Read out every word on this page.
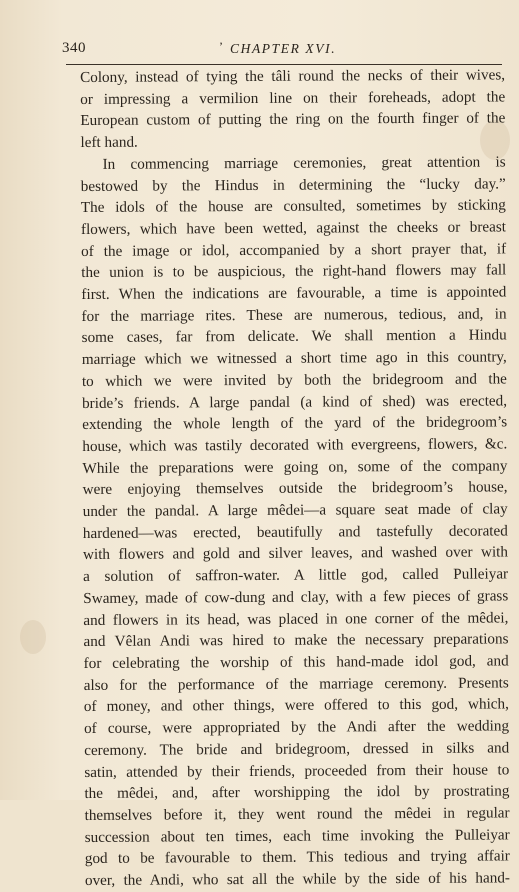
340	’ CHAPTER XVI.
Colony, instead of tying the tâli round the necks of their wives,
or impressing a vermilion line on their foreheads, adopt the
European custom of putting the ring on the fourth finger of the
left hand.
In commencing marriage ceremonies, great attention is
bestowed by the Hindus in determining the “lucky day.”
The idols of the house are consulted, sometimes by sticking
flowers, which have been wetted, against the cheeks or breast
of the image or idol, accompanied by a short prayer that, if
the union is to be auspicious, the right-hand flowers may fall
first. When the indications are favourable, a time is appointed
for the marriage rites. These are numerous, tedious, and, in
some cases, far from delicate. We shall mention a Hindu
marriage which we witnessed a short time ago in this country,
to which we were invited by both the bridegroom and the
bride’s friends. A large pandal (a kind of shed) was erected,
extending the whole length of the yard of the bridegroom’s
house, which was tastily decorated with evergreens, flowers, &c.
While the preparations were going on, some of the company
were enjoying themselves outside the bridegroom’s house,
under the pandal. A large mêdei—a square seat made of clay
hardened—was erected, beautifully and tastefully decorated
with flowers and gold and silver leaves, and washed over with
a solution of saffron-water. A little god, called Pulleiyar
Swamey, made of cow-dung and clay, with a few pieces of grass
and flowers in its head, was placed in one corner of the mêdei,
and Vêlan Andi was hired to make the necessary preparations
for celebrating the worship of this hand-made idol god, and
also for the performance of the marriage ceremony. Presents
of money, and other things, were offered to this god, which,
of course, were appropriated by the Andi after the wedding
ceremony. The bride and bridegroom, dressed in silks and
satin, attended by their friends, proceeded from their house to
the mêdei, and, after worshipping the idol by prostrating
themselves before it, they went round the mêdei in regular
succession about ten times, each time invoking the Pulleiyar
god to be favourable to them. This tedious and trying affair
over, the Andi, who sat all the while by the side of his hand-
